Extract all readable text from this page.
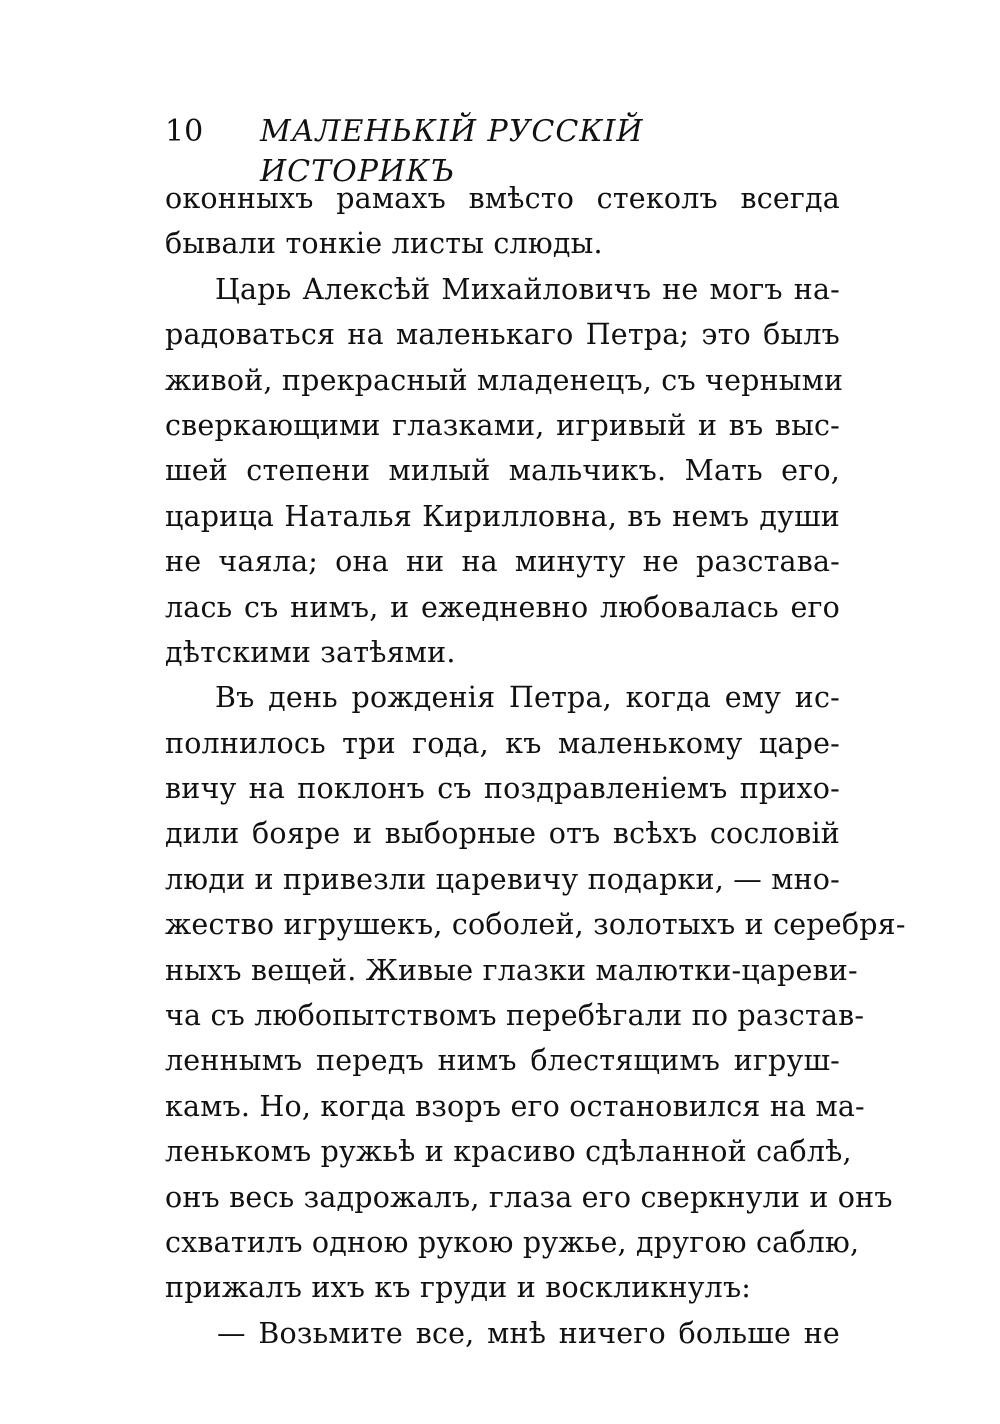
10 МАЛЕНЬКІЙ РУССКІЙ ИСТОРИКЪ
оконныхъ рамахъ вмѣсто стеколъ всегда
бывали тонкіе листы слюды.
Царь Алексѣй Михайловичъ не могъ на-
радоваться на маленькаго Петра; это былъ
живой, прекрасный младенецъ, съ черными
сверкающими глазками, игривый и въ выс-
шей степени милый мальчикъ. Мать его,
царица Наталья Кирилловна, въ немъ души
не чаяла; она ни на минуту не разстава-
лась съ нимъ, и ежедневно любовалась его
дѣтскими затѣями.
Въ день рожденія Петра, когда ему ис-
полнилось три года, къ маленькому царе-
вичу на поклонъ съ поздравленіемъ прихо-
дили бояре и выборные отъ всѣхъ сословій
люди и привезли царевичу подарки, — мно-
жество игрушекъ, соболей, золотыхъ и серебря-
ныхъ вещей. Живые глазки малютки-цареви-
ча съ любопытствомъ перебѣгали по разстав-
леннымъ передъ нимъ блестящимъ игруш-
камъ. Но, когда взоръ его остановился на ма-
ленькомъ ружьѣ и красиво сдѣланной саблѣ,
онъ весь задрожалъ, глаза его сверкнули и онъ
схватилъ одною рукою ружье, другою саблю,
прижалъ ихъ къ груди и воскликнулъ:
— Возьмите все, мнѣ ничего больше не
